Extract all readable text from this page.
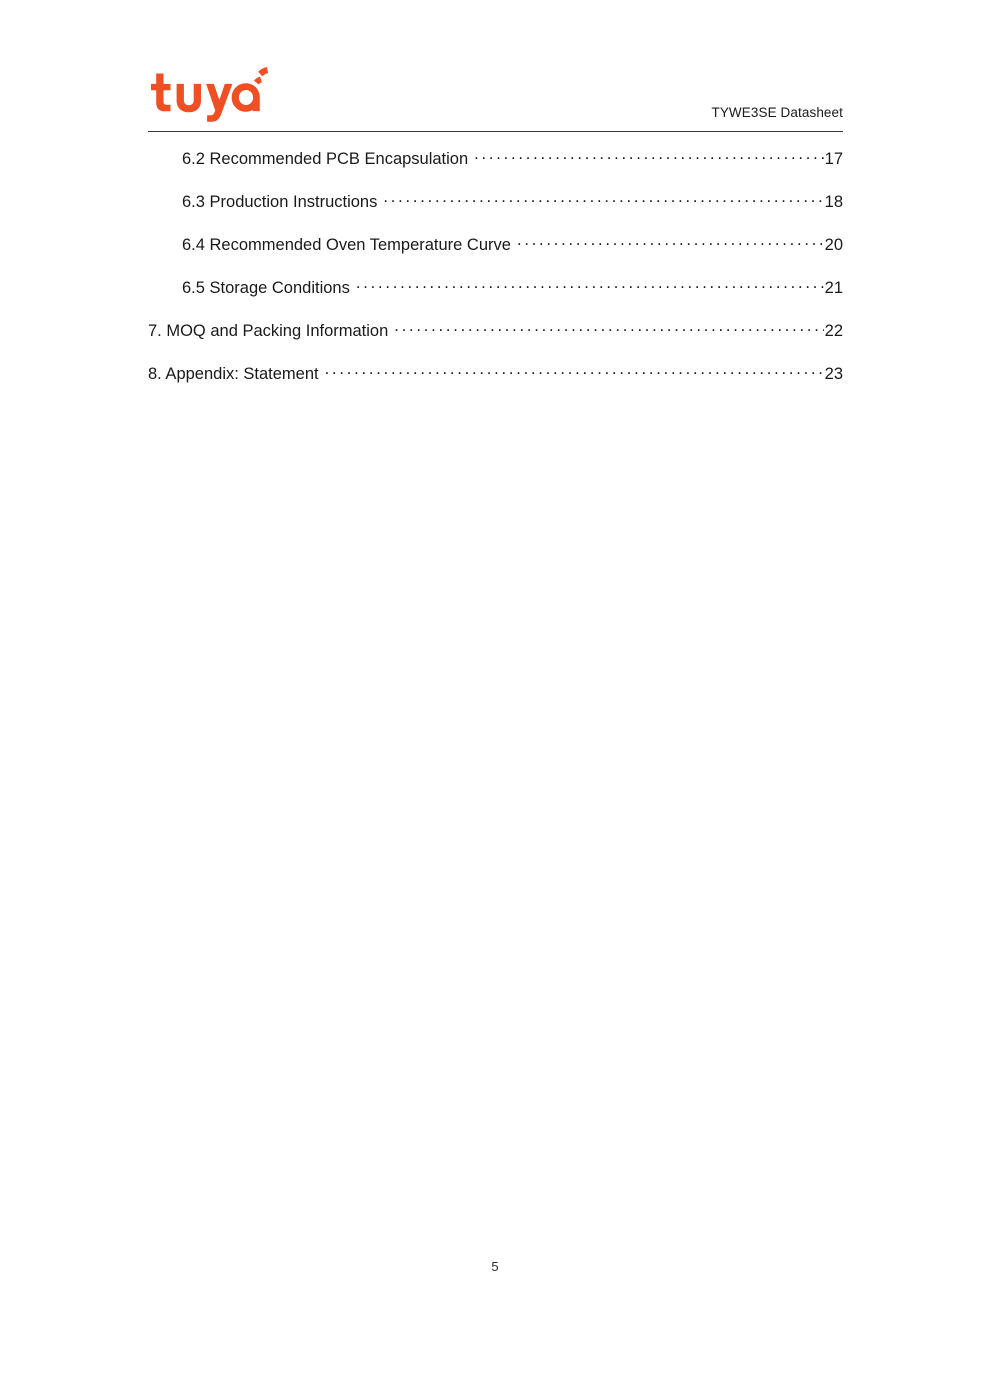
TYWE3SE Datasheet
6.2 Recommended PCB Encapsulation . . .	17
6.3 Production Instructions . . .	18
6.4 Recommended Oven Temperature Curve . . .	20
6.5 Storage Conditions . . .	21
7. MOQ and Packing Information . . .	22
8. Appendix: Statement . . .	23
5
